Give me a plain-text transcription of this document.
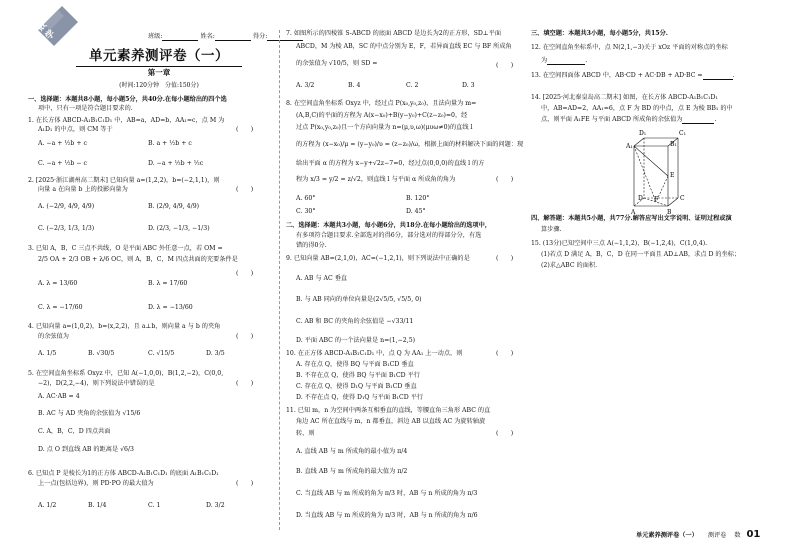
班级:	姓名:	得分:
数学
单元素养测评卷（一）
第一章
(时间:120分钟　分值:150分)
一、选择题：本题共8小题，每小题5分，共40分.在每小题给出的四个选
项中，只有一项是符合题目要求的.
1. 在长方体 ABCD-A₁B₁C₁D₁ 中，AB=a，AD=b，AA₁=c，点 M 为
A₁D₁ 的中点，则 CM 等于	(　　)
A. −a + ½b + c	B. a + ½b + c
C. −a + ½b − c	D. −a + ½b + ½c
2. [2025·浙江湖州高二期末] 已知向量 a=(1,2,2)，b=(−2,1,1)，则
向量 a 在向量 b 上的投影向量为	(　　)
A. (−2/9, 4/9, 4/9)	B. (2/9, 4/9, 4/9)
C. (−2/3, 1/3, 1/3)	D. (2/3, −1/3, −1/3)
3. 已知 A，B，C 三点不共线，O 是平面 ABC 外任意一点，若 OM =
2/5 OA + 2/3 OB + λ/6 OC，则 A，B，C，M 四点共面的充要条件是
(　　)
A. λ = 13/60	B. λ = 17/60
C. λ = −17/60	D. λ = −13/60
4. 已知向量 a=(1,0,2)，b=(x,2,2)，且 a⊥b，则向量 a 与 b 的夹角
的余弦值为	(　　)
A. 1/5	B. √30/5	C. √15/5	D. 3/5
5. 在空间直角坐标系 Oxyz 中，已知 A(−1,0,0)，B(1,2,−2)，C(0,0,
−2)，D(2,2,−4)，则下列说法中错误的是	(　　)
A. AC·AB = 4
B. AC 与 AD 夹角的余弦值为 √15/6
C. A，B，C，D 四点共面
D. 点 O 到直线 AB 的距离是 √6/3
6. 已知点 P 是棱长为1的正方体 ABCD-A₁B₁C₁D₁ 的底面 A₁B₁C₁D₁
上一点(包括边界)，则 PD·PO 的最大值为	(　　)
A. 1/2	B. 1/4	C. 1	D. 3/2
7. 如图所示的四棱锥 S-ABCD 的底面 ABCD 是边长为2的正方形，SD⊥平面
ABCD，M 为棱 AB，SC 的中点分别为 E，F，若异面直线 EC 与 BF 所成角
的余弦值为 √10/5，则 SD =	(　　)
A. 3/2	B. 4	C. 2	D. 3
8. 在空间直角坐标系 Oxyz 中，经过点 P(x₀,y₀,z₀)，且法向量为 m=
(A,B,C)的平面的方程为 A(x−x₀)+B(y−y₀)+C(z−z₀)=0，经
过点 P(x₀,y₀,z₀)且一个方向向量为 n=(μ,υ,ω)(μυω≠0)的直线 l
的方程为 (x−x₀)/μ = (y−y₀)/υ = (z−z₀)/ω，根据上面的材料解决下面的问题：现
给出平面 α 的方程为 x−y+√2z−7=0，经过点(0,0,0)的直线 l 的方
程为 x/3 = y/2 = z/√2，则直线 l 与平面 α 所成角的角为	(　　)
A. 60°	B. 120°
C. 30°	D. 45°
二、选择题：本题共3小题，每小题6分，共18分.在每小题给出的选项中，
有多项符合题目要求.全部选对的得6分，部分选对的得部分分，有选
错的得0分.
9. 已知向量 AB=(2,1,0)，AC=(−1,2,1)，则下列说法中正确的是	(　　)
A. AB 与 AC 垂直
B. 与 AB 同向的单位向量是(2√5/5, √5/5, 0)
C. AB 和 BC 的夹角的余弦值是 −√33/11
D. 平面 ABC 的一个法向量是 n=(1,−2,5)
10. 在正方体 ABCD-A₁B₁C₁D₁ 中，点 Q 为 AA₁ 上一动点，则	(　　)
A. 存在点 Q，使得 BQ 与平面 B₁CD 垂直
B. 不存在点 Q，使得 BQ 与平面 B₁CD 平行
C. 存在点 Q，使得 D₁Q 与平面 B₁CD 垂直
D. 不存在点 Q，使得 D₁Q 与平面 B₁CD 平行
11. 已知 m，n 为空间中两条互相垂直的直线，等腰直角三角形 ABC 的直
角边 AC 所在直线与 m，n 都垂直，斜边 AB 以直线 AC 为旋转轴旋
转，则	(　　)
A. 直线 AB 与 m 所成角的最小值为 π/4
B. 直线 AB 与 m 所成角的最大值为 π/2
C. 当直线 AB 与 m 所成的角为 π/3 时，AB 与 n 所成的角为 π/3
D. 当直线 AB 与 m 所成的角为 π/3 时，AB 与 n 所成的角为 π/6
三、填空题：本题共3小题，每小题5分，共15分.
12. 在空间直角坐标系中，点 N(2,1,−3)关于 xOz 平面的对称点的坐标
为	.
13. 在空间四面体 ABCD 中，AB·CD + AC·DB + AD·BC =	.
14. [2025·河北秦皇岛高二期末] 如图，在长方体 ABCD-A₁B₁C₁D₁
中，AB=AD=2，AA₁=6，点 F 为 BD 的中点，点 E 为棱 BB₁ 的中
点，则平面 A₁FE 与平面 ABCD 所成角的余弦值为	.
D₁	C₁
A₁	B₁
E
D	C
F
A	B
四、解答题：本题共5小题，共77分.解答应写出文字说明、证明过程或演
算步骤.
15. (13分)已知空间中三点 A(−1,1,2)，B(−1,2,4)，C(1,0,4).
(1)若点 D 满足 A，B，C，D 在同一平面且 AD⊥AB，求点 D 的坐标；
(2)求△ABC 的面积.
单元素养测评卷（一） 测评卷 数 01
